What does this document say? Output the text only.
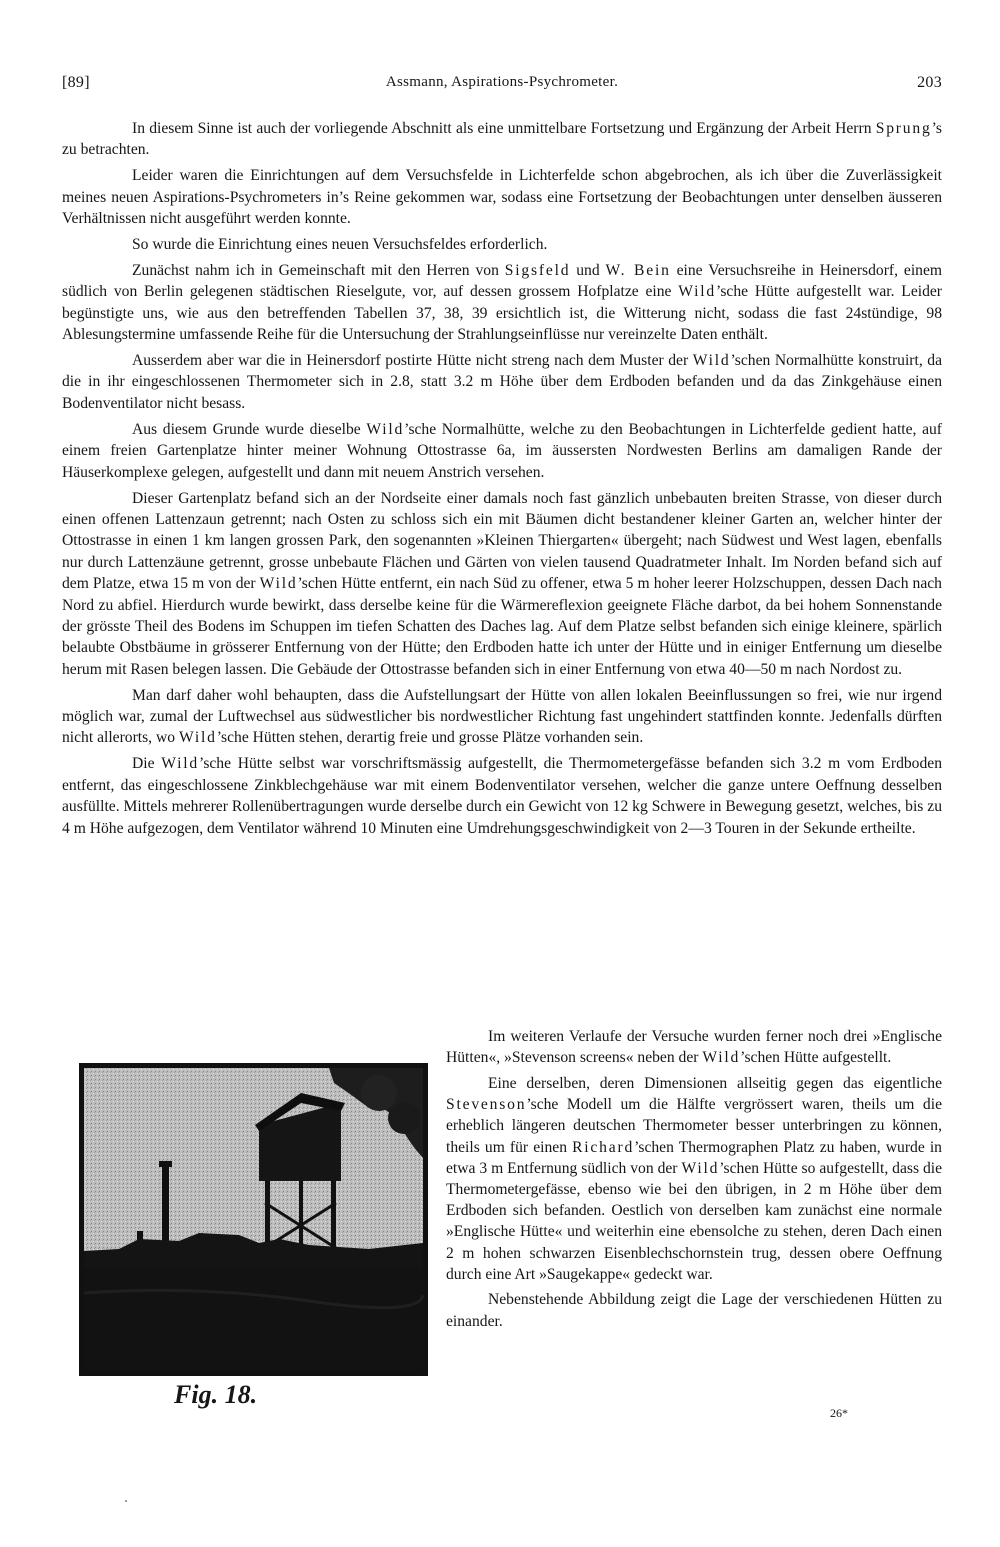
[89]	Assmann, Aspirations-Psychrometer.	203

In diesem Sinne ist auch der vorliegende Abschnitt als eine unmittelbare Fortsetzung und Ergänzung der Arbeit Herrn Sprung’s zu betrachten.

Leider waren die Einrichtungen auf dem Versuchsfelde in Lichterfelde schon abgebrochen, als ich über die Zuverlässigkeit meines neuen Aspirations-Psychrometers in’s Reine gekommen war, sodass eine Fortsetzung der Beobachtungen unter denselben äusseren Verhältnissen nicht ausgeführt werden konnte.

So wurde die Einrichtung eines neuen Versuchsfeldes erforderlich.

Zunächst nahm ich in Gemeinschaft mit den Herren von Sigsfeld und W. Bein eine Versuchsreihe in Heinersdorf, einem südlich von Berlin gelegenen städtischen Rieselgute, vor, auf dessen grossem Hofplatze eine Wild’sche Hütte aufgestellt war. Leider begünstigte uns, wie aus den betreffenden Tabellen 37, 38, 39 ersichtlich ist, die Witterung nicht, sodass die fast 24stündige, 98 Ablesungstermine umfassende Reihe für die Untersuchung der Strahlungseinflüsse nur vereinzelte Daten enthält.

Ausserdem aber war die in Heinersdorf postirte Hütte nicht streng nach dem Muster der Wild’schen Normalhütte konstruirt, da die in ihr eingeschlossenen Thermometer sich in 2.8, statt 3.2 m Höhe über dem Erdboden befanden und da das Zinkgehäuse einen Bodenventilator nicht besass.

Aus diesem Grunde wurde dieselbe Wild’sche Normalhütte, welche zu den Beobachtungen in Lichterfelde gedient hatte, auf einem freien Gartenplatze hinter meiner Wohnung Ottostrasse 6a, im äussersten Nordwesten Berlins am damaligen Rande der Häuserkomplexe gelegen, aufgestellt und dann mit neuem Anstrich versehen.

Dieser Gartenplatz befand sich an der Nordseite einer damals noch fast gänzlich unbebauten breiten Strasse, von dieser durch einen offenen Lattenzaun getrennt; nach Osten zu schloss sich ein mit Bäumen dicht bestandener kleiner Garten an, welcher hinter der Ottostrasse in einen 1 km langen grossen Park, den sogenannten »Kleinen Thiergarten« übergeht; nach Südwest und West lagen, ebenfalls nur durch Lattenzäune getrennt, grosse unbebaute Flächen und Gärten von vielen tausend Quadratmeter Inhalt. Im Norden befand sich auf dem Platze, etwa 15 m von der Wild’schen Hütte entfernt, ein nach Süd zu offener, etwa 5 m hoher leerer Holzschuppen, dessen Dach nach Nord zu abfiel. Hierdurch wurde bewirkt, dass derselbe keine für die Wärmereflexion geeignete Fläche darbot, da bei hohem Sonnenstande der grösste Theil des Bodens im Schuppen im tiefen Schatten des Daches lag. Auf dem Platze selbst befanden sich einige kleinere, spärlich belaubte Obstbäume in grösserer Entfernung von der Hütte; den Erdboden hatte ich unter der Hütte und in einiger Entfernung um dieselbe herum mit Rasen belegen lassen. Die Gebäude der Ottostrasse befanden sich in einer Entfernung von etwa 40—50 m nach Nordost zu.

Man darf daher wohl behaupten, dass die Aufstellungsart der Hütte von allen lokalen Beeinflussungen so frei, wie nur irgend möglich war, zumal der Luftwechsel aus südwestlicher bis nordwestlicher Richtung fast ungehindert stattfinden konnte. Jedenfalls dürften nicht allerorts, wo Wild’sche Hütten stehen, derartig freie und grosse Plätze vorhanden sein.

Die Wild’sche Hütte selbst war vorschriftsmässig aufgestellt, die Thermometergefässe befanden sich 3.2 m vom Erdboden entfernt, das eingeschlossene Zinkblechgehäuse war mit einem Bodenventilator versehen, welcher die ganze untere Oeffnung desselben ausfüllte. Mittels mehrerer Rollenübertragungen wurde derselbe durch ein Gewicht von 12 kg Schwere in Bewegung gesetzt, welches, bis zu 4 m Höhe aufgezogen, dem Ventilator während 10 Minuten eine Umdrehungsgeschwindigkeit von 2—3 Touren in der Sekunde ertheilte.

Fig. 18.

Im weiteren Verlaufe der Versuche wurden ferner noch drei »Englische Hütten«, »Stevenson screens« neben der Wild’schen Hütte aufgestellt.

Eine derselben, deren Dimensionen allseitig gegen das eigentliche Stevenson’sche Modell um die Hälfte vergrössert waren, theils um die erheblich längeren deutschen Thermometer besser unterbringen zu können, theils um für einen Richard’schen Thermographen Platz zu haben, wurde in etwa 3 m Entfernung südlich von der Wild’schen Hütte so aufgestellt, dass die Thermometergefässe, ebenso wie bei den übrigen, in 2 m Höhe über dem Erdboden sich befanden. Oestlich von derselben kam zunächst eine normale »Englische Hütte« und weiterhin eine ebensolche zu stehen, deren Dach einen 2 m hohen schwarzen Eisenblechschornstein trug, dessen obere Oeffnung durch eine Art »Saugekappe« gedeckt war.

Nebenstehende Abbildung zeigt die Lage der verschiedenen Hütten zu einander.

26*
